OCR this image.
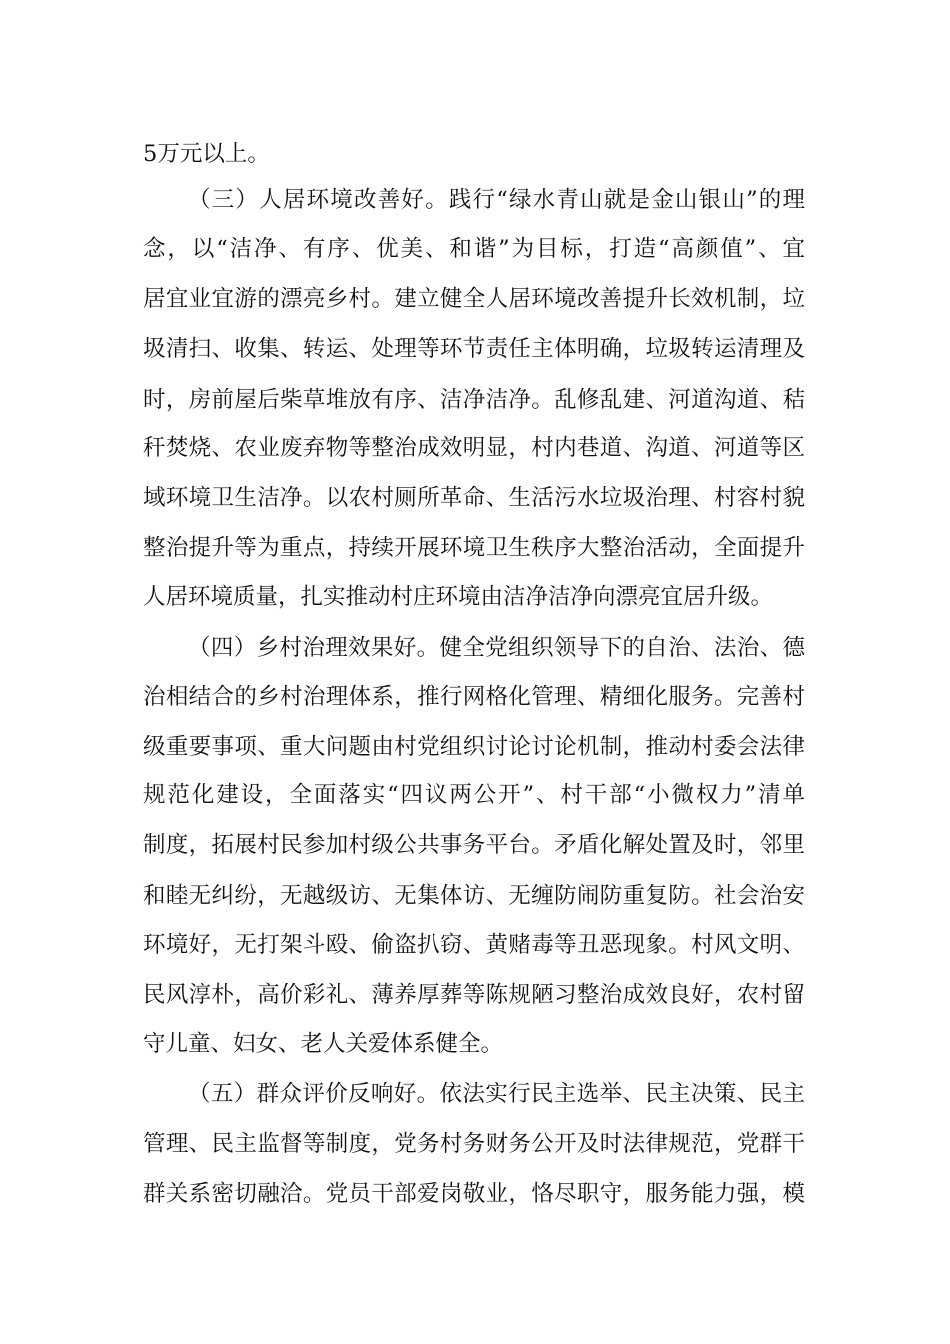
5万元以上。
（三）人居环境改善好。践行“绿水青山就是金山银山”的理
念，以“洁净、有序、优美、和谐”为目标，打造“高颜值”、宜
居宜业宜游的漂亮乡村。建立健全人居环境改善提升长效机制，垃
圾清扫、收集、转运、处理等环节责任主体明确，垃圾转运清理及
时，房前屋后柴草堆放有序、洁净洁净。乱修乱建、河道沟道、秸
秆焚烧、农业废弃物等整治成效明显，村内巷道、沟道、河道等区
域环境卫生洁净。以农村厕所革命、生活污水垃圾治理、村容村貌
整治提升等为重点，持续开展环境卫生秩序大整治活动，全面提升
人居环境质量，扎实推动村庄环境由洁净洁净向漂亮宜居升级。
（四）乡村治理效果好。健全党组织领导下的自治、法治、德
治相结合的乡村治理体系，推行网格化管理、精细化服务。完善村
级重要事项、重大问题由村党组织讨论讨论机制，推动村委会法律
规范化建设，全面落实“四议两公开”、村干部“小微权力”清单
制度，拓展村民参加村级公共事务平台。矛盾化解处置及时，邻里
和睦无纠纷，无越级访、无集体访、无缠防闹防重复防。社会治安
环境好，无打架斗殴、偷盗扒窃、黄赌毒等丑恶现象。村风文明、
民风淳朴，高价彩礼、薄养厚葬等陈规陋习整治成效良好，农村留
守儿童、妇女、老人关爱体系健全。
（五）群众评价反响好。依法实行民主选举、民主决策、民主
管理、民主监督等制度，党务村务财务公开及时法律规范，党群干
群关系密切融洽。党员干部爱岗敬业，恪尽职守，服务能力强，模
